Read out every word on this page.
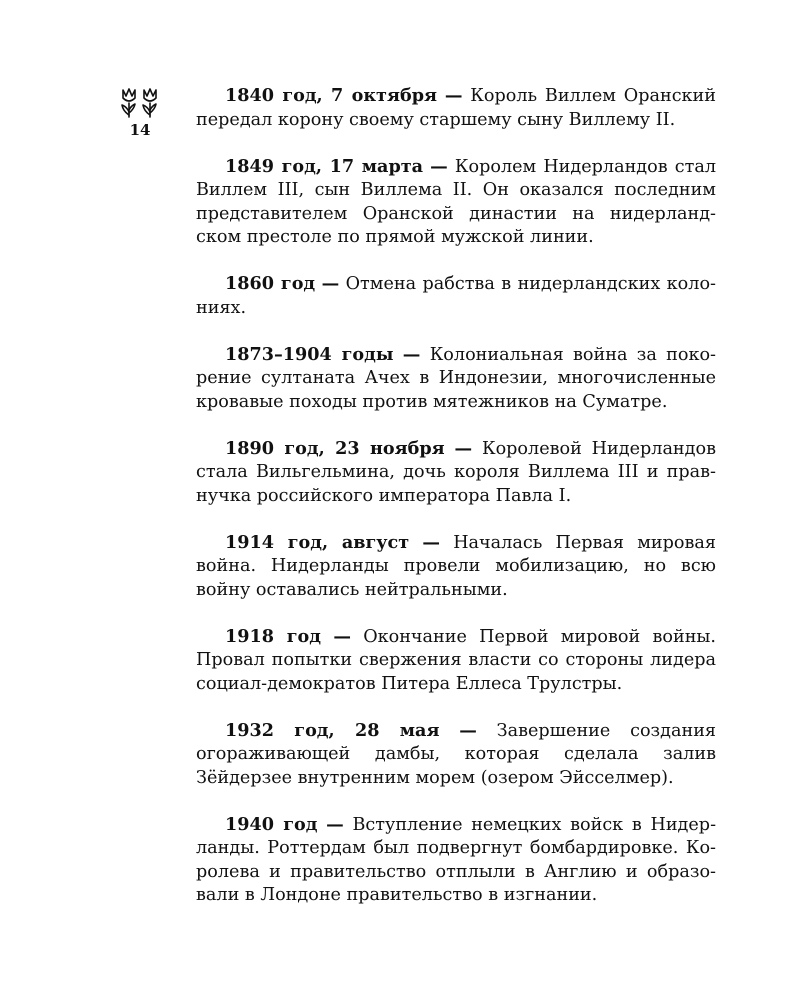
14

1840 год, 7 октября — Король Виллем Оранский передал корону своему старшему сыну Виллему II.

1849 год, 17 марта — Королем Нидерландов стал Виллем III, сын Виллема II. Он оказался последним представителем Оранской династии на нидерландском престоле по прямой мужской линии.

1860 год — Отмена рабства в нидерландских колониях.

1873–1904 годы — Колониальная война за покорение султаната Ачех в Индонезии, многочисленные кровавые походы против мятежников на Суматре.

1890 год, 23 ноября — Королевой Нидерландов стала Вильгельмина, дочь короля Виллема III и правнучка российского императора Павла I.

1914 год, август — Началась Первая мировая война. Нидерланды провели мобилизацию, но всю войну оставались нейтральными.

1918 год — Окончание Первой мировой войны. Провал попытки свержения власти со стороны лидера социал-демократов Питера Еллеса Трулстры.

1932 год, 28 мая — Завершение создания огораживающей дамбы, которая сделала залив Зёйдерзее внутренним морем (озером Эйсселмер).

1940 год — Вступление немецких войск в Нидерланды. Роттердам был подвергнут бомбардировке. Королева и правительство отплыли в Англию и образовали в Лондоне правительство в изгнании.
